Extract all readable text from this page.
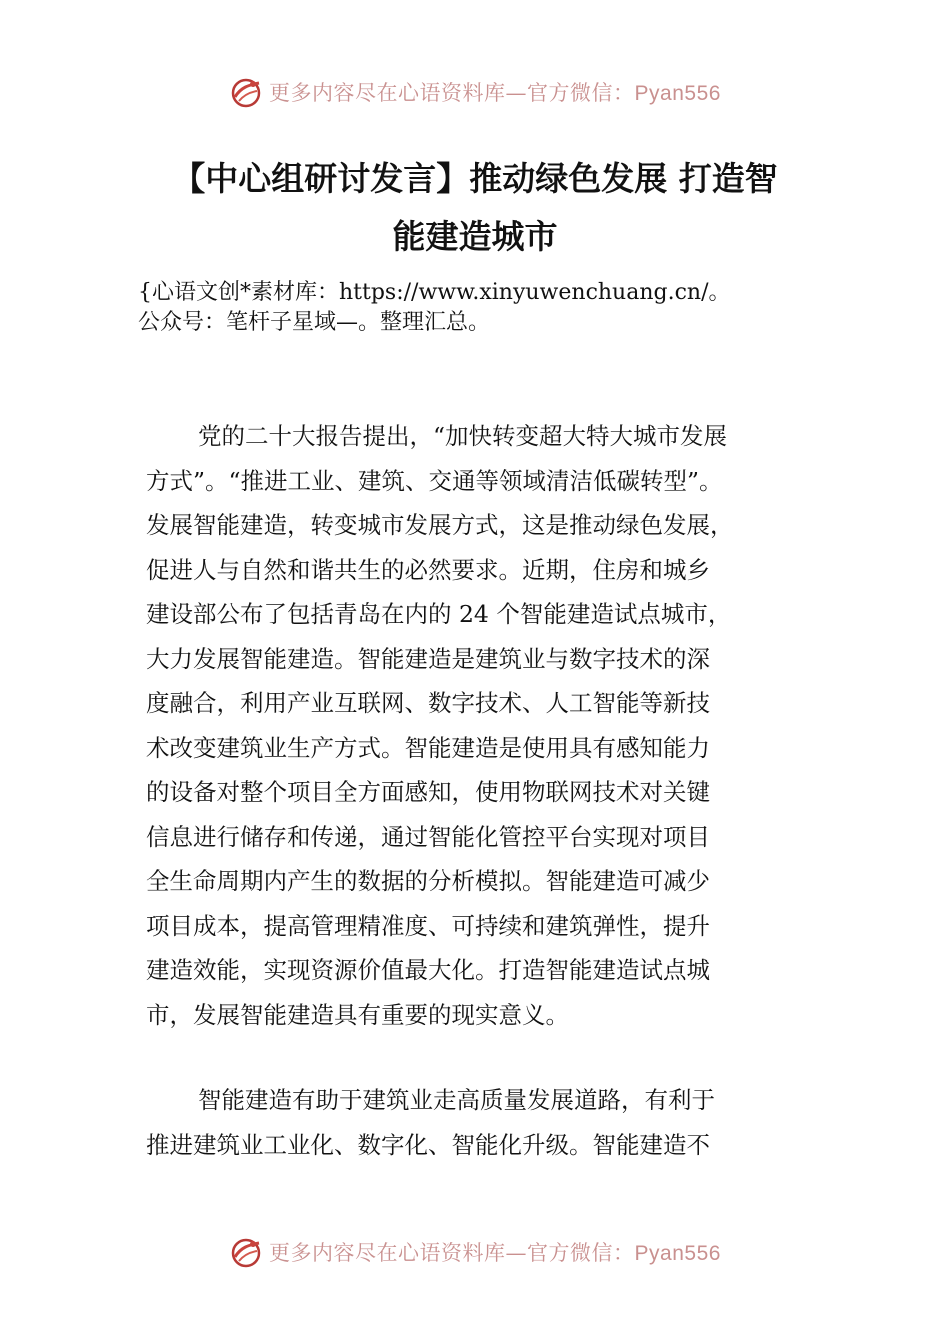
更多内容尽在心语资料库—官方微信：Pyan556
【中心组研讨发言】推动绿色发展 打造智
能建造城市
{心语文创*素材库：https://www.xinyuwenchuang.cn/。
公众号：笔杆子星域—。整理汇总。
党的二十大报告提出，“加快转变超大特大城市发展
方式”。“推进工业、建筑、交通等领域清洁低碳转型”。
发展智能建造，转变城市发展方式，这是推动绿色发展，
促进人与自然和谐共生的必然要求。近期，住房和城乡
建设部公布了包括青岛在内的 24 个智能建造试点城市，
大力发展智能建造。智能建造是建筑业与数字技术的深
度融合，利用产业互联网、数字技术、人工智能等新技
术改变建筑业生产方式。智能建造是使用具有感知能力
的设备对整个项目全方面感知，使用物联网技术对关键
信息进行储存和传递，通过智能化管控平台实现对项目
全生命周期内产生的数据的分析模拟。智能建造可减少
项目成本，提高管理精准度、可持续和建筑弹性，提升
建造效能，实现资源价值最大化。打造智能建造试点城
市，发展智能建造具有重要的现实意义。
智能建造有助于建筑业走高质量发展道路，有利于
推进建筑业工业化、数字化、智能化升级。智能建造不
更多内容尽在心语资料库—官方微信：Pyan556
